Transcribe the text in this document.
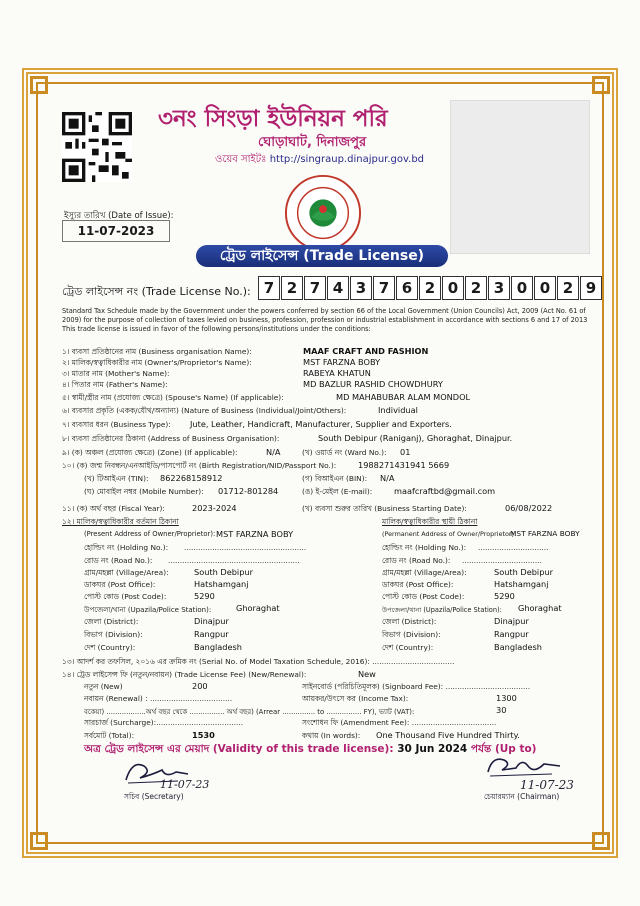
৩নং সিংড়া ইউনিয়ন পরি
ঘোড়াঘাট, দিনাজপুর
ওয়েব সাইটঃ http://singraup.dinajpur.gov.bd
ইস্যুর তারিখ (Date of Issue):
11-07-2023
ট্রেড লাইসেন্স (Trade License)
ট্রেড লাইসেন্স নং (Trade License No.): 7 2 7 4 3 7 6 2 0 2 3 0 0 2 9
Standard Tax Schedule made by the Government under the powers conferred by section 66 of the Local Government (Union Councils) Act, 2009 (Act No. 61 of 2009) for the purpose of collection of taxes levied on business, profession, profession or industrial establishment in accordance with sections 6 and 17 of 2013 This trade license is issued in favor of the following persons/institutions under the conditions:
১। ব্যবসা প্রতিষ্ঠানের নাম (Business organisation Name):	MAAF CRAFT AND FASHION
২। মালিক/স্বত্বাধিকারীর নাম (Owner's/Proprietor's Name):	MST FARZNA BOBY
৩। মাতার নাম (Mother's Name):	RABEYA KHATUN
৪। পিতার নাম (Father's Name):	MD BAZLUR RASHID CHOWDHURY
৫। স্বামী/স্ত্রীর নাম (প্রযোজ্য ক্ষেত্রে) (Spouse's Name) (If applicable):	MD MAHABUBAR ALAM MONDOL
৬। ব্যবসার প্রকৃতি (একক/যৌথ/অন্যান্য) (Nature of Business (Individual/Joint/Others):	Individual
৭। ব্যবসার ধরন (Business Type): Jute, Leather, Handicraft, Manufacturer, Supplier and Exporters.
৮। ব্যবসা প্রতিষ্ঠানের ঠিকানা (Address of Business Organisation):	South Debipur (Raniganj), Ghoraghat, Dinajpur.
৯। (ক) অঞ্চল (প্রযোজ্য ক্ষেত্রে) (Zone) (If applicable):	N/A	(খ) ওয়ার্ড নং (Ward No.): 01
১০। (ক) জন্ম নিবন্ধন/এনআইডি/পাসপোর্ট নং (Birth Registration/NID/Passport No.):	1988271431941 5669
(খ) টিআইএন (TIN): 862268158912	(গ) বিআইএন (BIN): N/A
(ঘ) মোবাইল নম্বর (Mobile Number): 01712-801284	(ঙ) ই-মেইল (E-mail):	maafcraftbd@gmail.com
১১। (ক) অর্থ বছর (Fiscal Year):	2023-2024	(খ) ব্যবসা শুরুর তারিখ (Business Starting Date):	06/08/2022
১২। মালিক/স্বত্বাধিকারীর বর্তমান ঠিকানা	মালিক/স্বত্বাধিকারীর স্থায়ী ঠিকানা
(Present Address of Owner/Proprietor): MST FARZNA BOBY	(Permanent Address of Owner/Proprietor):
MST FARZNA BOBY
হোল্ডিং নং (Holding No.): ....................................................	হোল্ডিং নং (Holding No.): ..............................
রোড নং (Road No.): ........................................................	রোড নং (Road No.): ..................................
গ্রাম/মহল্লা (Village/Area):	South Debipur	গ্রাম/মহল্লা (Village/Area):	South Debipur
ডাকঘর (Post Office):	Hatshamganj	ডাকঘর (Post Office):	Hatshamganj
পোস্ট কোড (Post Code):	5290	পোস্ট কোড (Post Code):	5290
উপজেলা/থানা (Upazila/Police Station):	Ghoraghat	উপজেলা/থানা (Upazila/Police Station): Ghoraghat
জেলা (District):	Dinajpur	জেলা (District):	Dinajpur
বিভাগ (Division):	Rangpur	বিভাগ (Division):	Rangpur
দেশ (Country):	Bangladesh	দেশ (Country):	Bangladesh
১৩। আদর্শ কর তফসিল, ২০১৬ এর ক্রমিক নং (Serial No. of Model Taxation Schedule, 2016): ...................................
১৪। ট্রেড লাইসেন্স ফি (নতুন/নবায়ন) (Trade License Fee) (New/Renewal):	New
নতুন (New)	200	সাইনবোর্ড (পরিচিতিমূলক) (Signboard Fee): ....................................
নবায়ন (Renewal) : ...................................	আয়কর/উৎসে কর (Income Tax):	1300
বকেয়া) ..................অর্থ বছর থেকে ................ অর্থ বছর) (Arrear ............... to ................ FY), ভ্যাট (VAT):	30
সারচার্জ (Surcharge):.....................................	সংশোধন ফি (Amendment Fee): ....................................
সর্বমোট (Total):	1530	কথায় (In words): One Thousand Five Hundred Thirty.
অত্র ট্রেড লাইসেন্স এর মেয়াদ (Validity of this trade license): 30 Jun 2024 পর্যন্ত (Up to)
11-07-23
সচিব (Secretary)
11-07-23
চেয়ারম্যান (Chairman)
